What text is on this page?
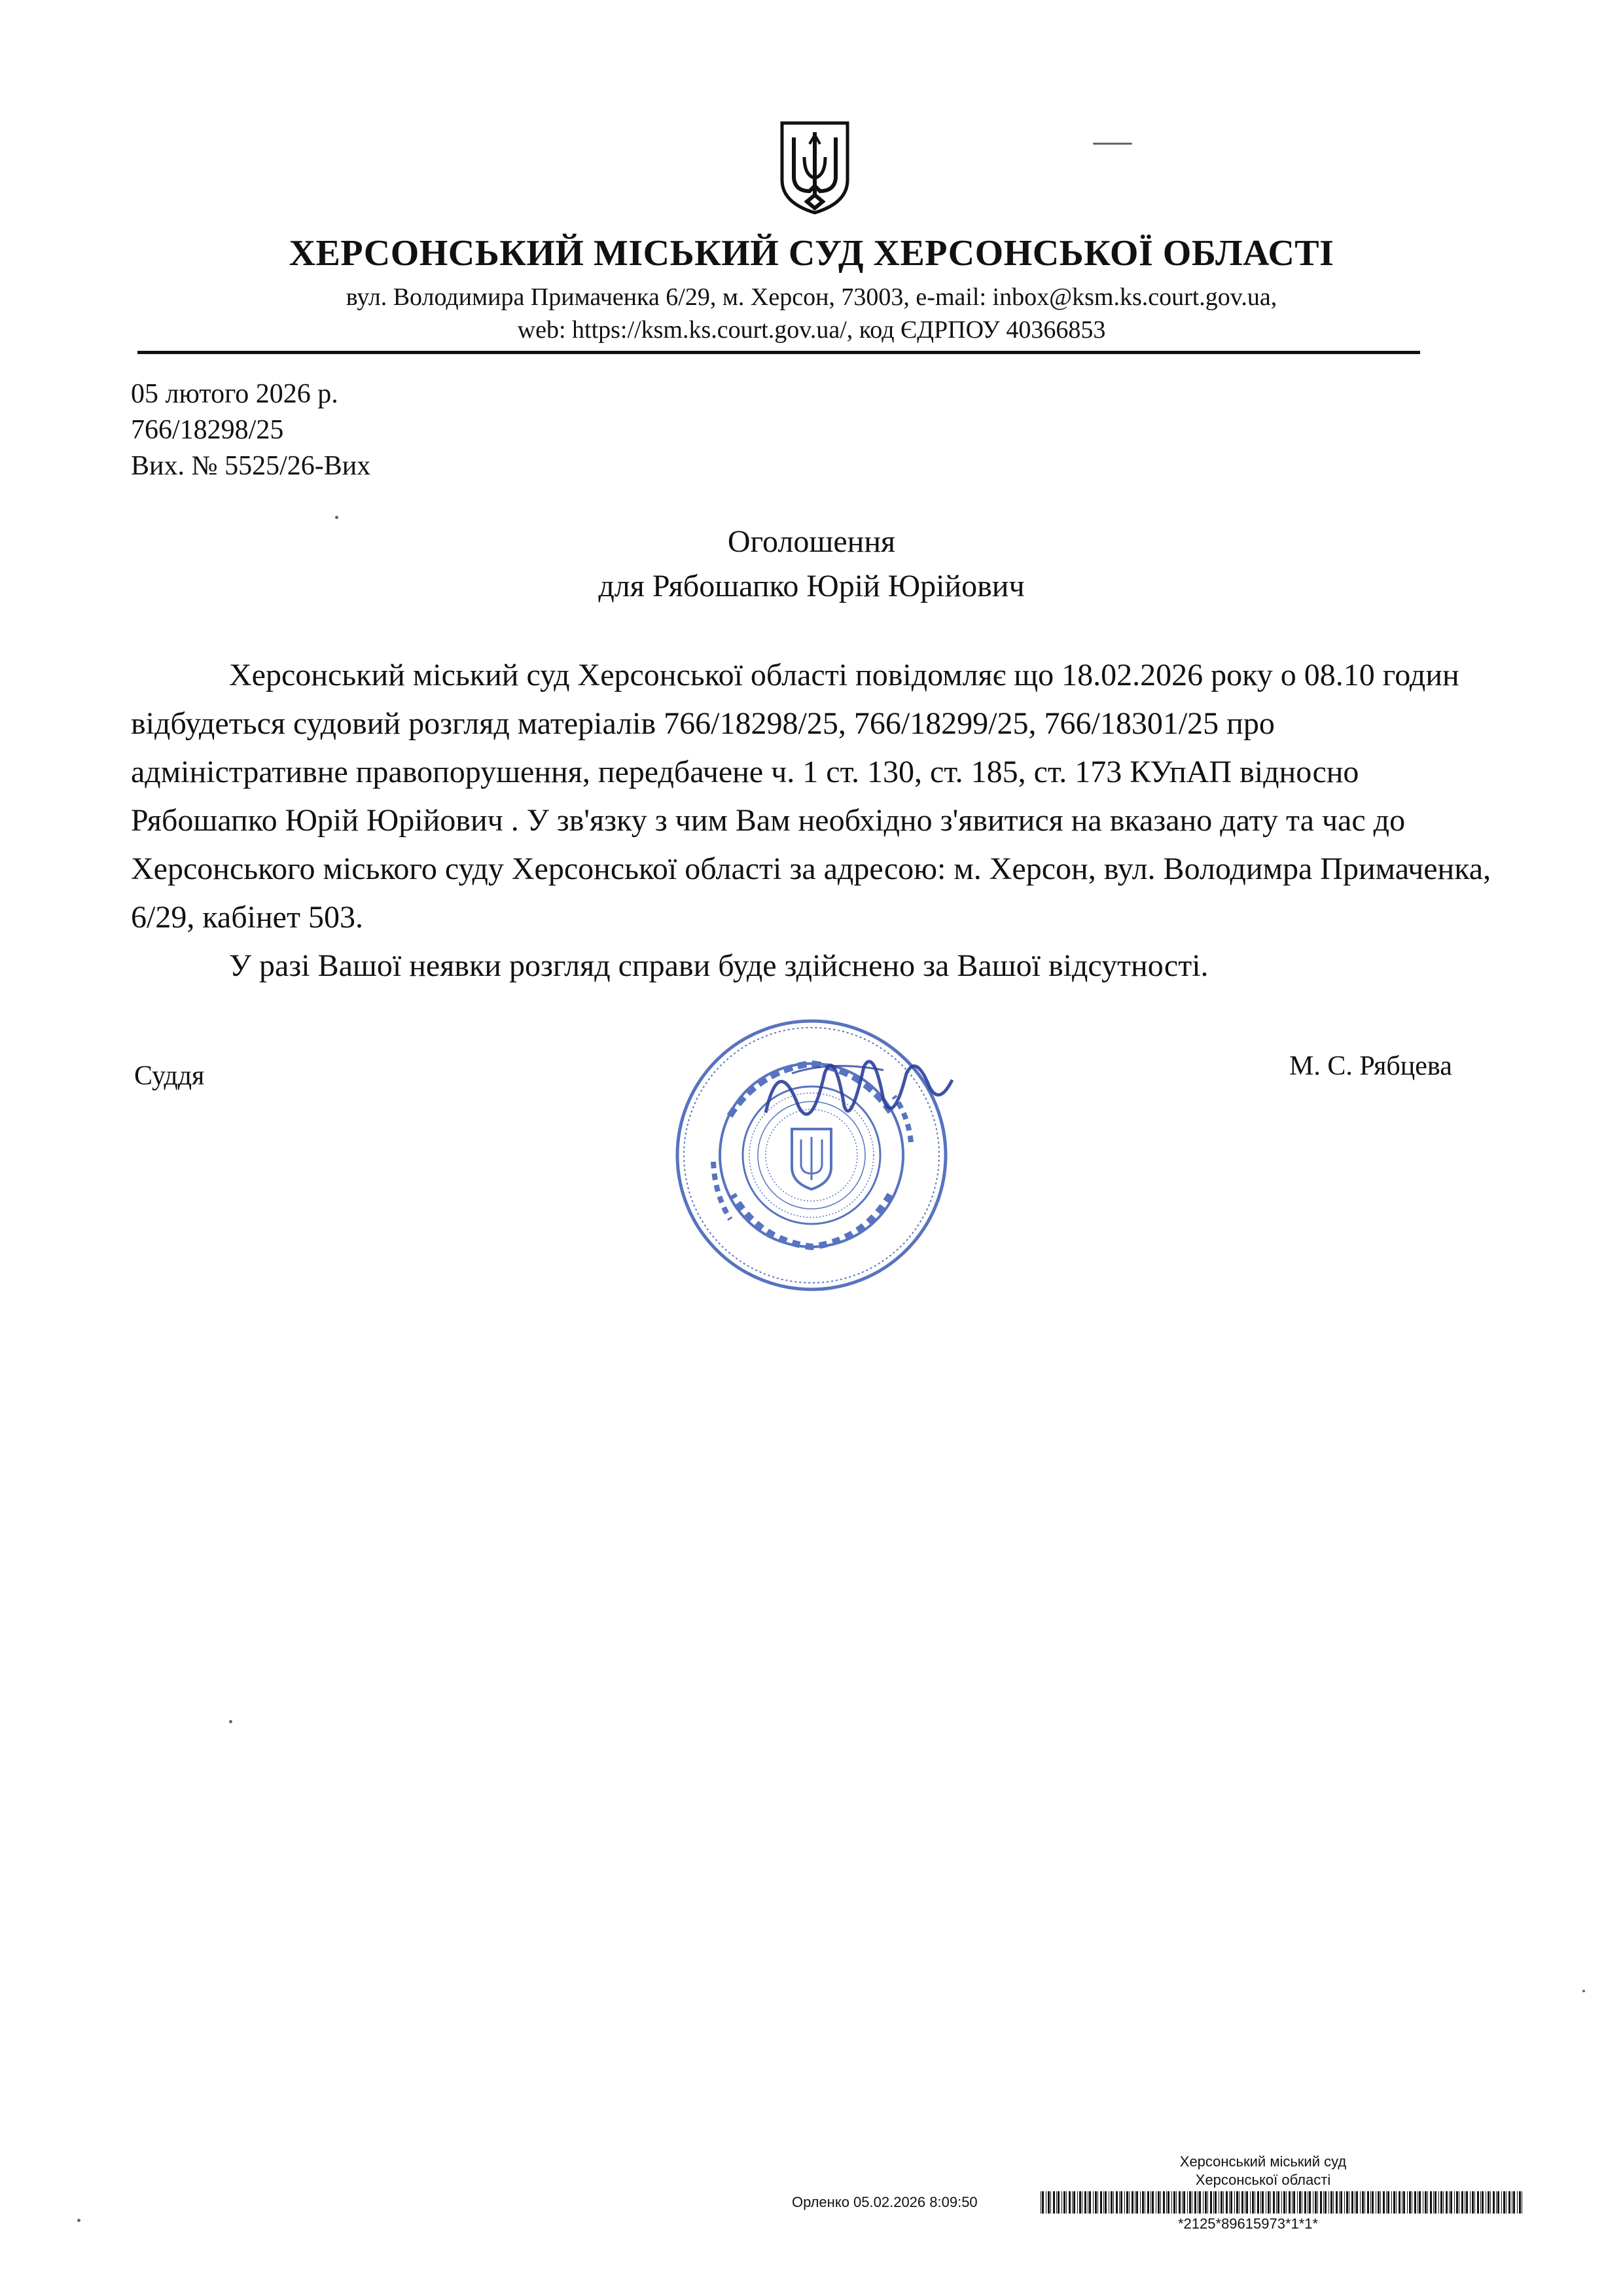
ХЕРСОНСЬКИЙ МІСЬКИЙ СУД ХЕРСОНСЬКОЇ ОБЛАСТІ
вул. Володимира Примаченка 6/29, м. Херсон, 73003, e-mail: inbox@ksm.ks.court.gov.ua,
web: https://ksm.ks.court.gov.ua/, код ЄДРПОУ 40366853
05 лютого 2026 р.
766/18298/25
Вих. № 5525/26-Вих
Оголошення
для Рябошапко Юрій Юрійович

Херсонський міський суд Херсонської області повідомляє що 18.02.2026 року о 08.10 годин відбудеться судовий розгляд матеріалів 766/18298/25, 766/18299/25, 766/18301/25 про адміністративне правопорушення, передбачене ч. 1 ст. 130, ст. 185, ст. 173 КУпАП відносно Рябошапко Юрій Юрійович . У зв'язку з чим Вам необхідно з'явитися на вказано дату та час до Херсонського міського суду Херсонської області за адресою: м. Херсон, вул. Володимра Примаченка, 6/29, кабінет 503.

У разі Вашої неявки розгляд справи буде здійснено за Вашої відсутності.

Суддя	М. С. Рябцева
Херсонський міський суд
Херсонської області
Орленко 05.02.2026 8:09:50
*2125*89615973*1*1*
